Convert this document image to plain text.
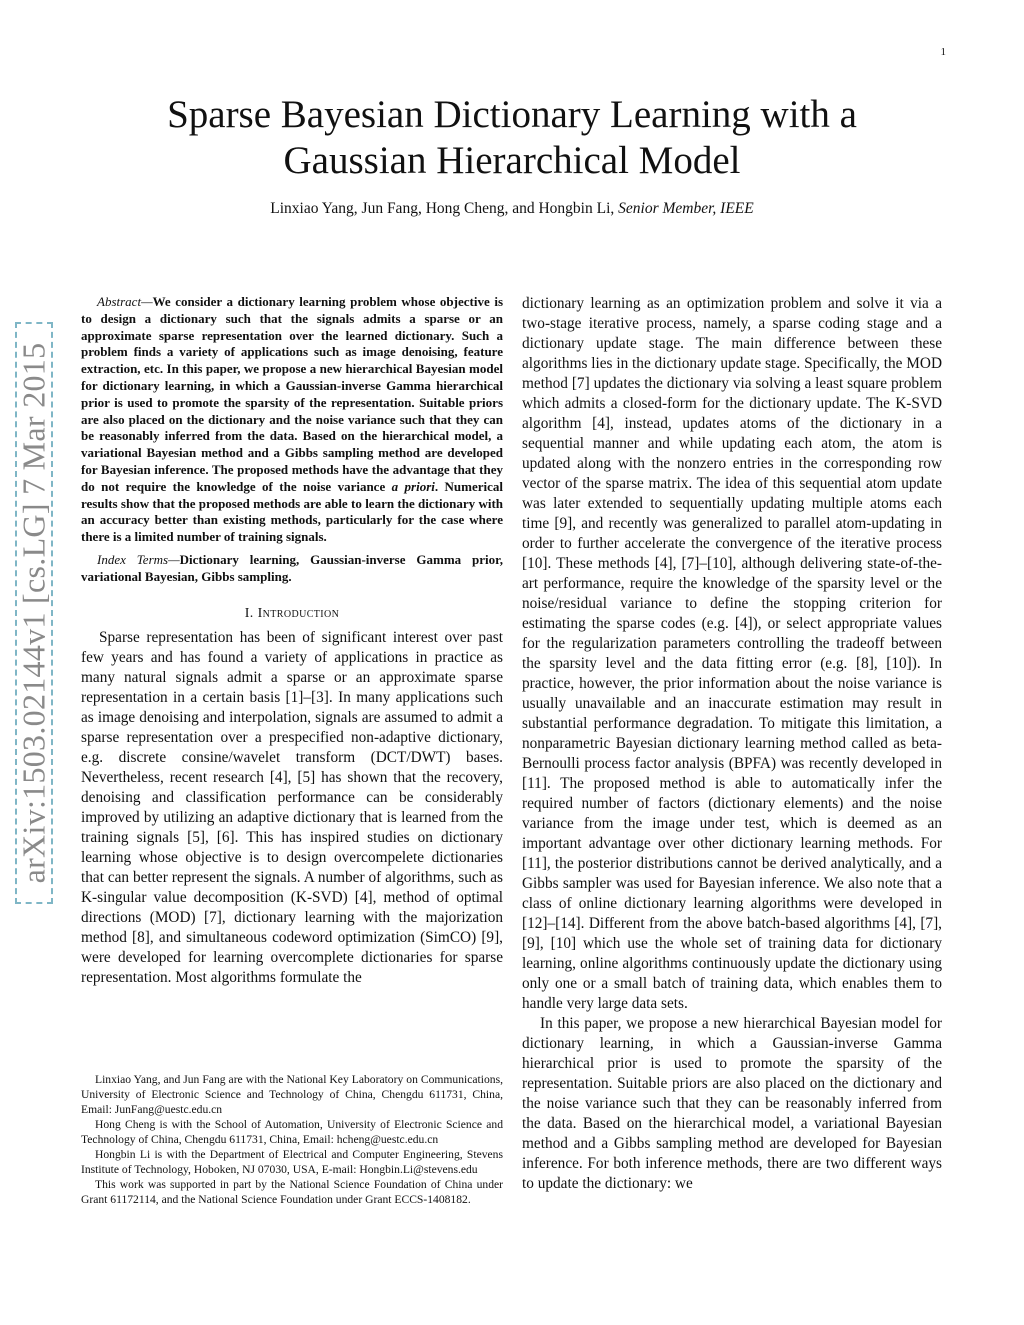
1
arXiv:1503.02144v1 [cs.LG] 7 Mar 2015
Sparse Bayesian Dictionary Learning with a
Gaussian Hierarchical Model
Linxiao Yang, Jun Fang, Hong Cheng, and Hongbin Li, Senior Member, IEEE

Abstract—We consider a dictionary learning problem whose objective is to design a dictionary such that the signals admits a sparse or an approximate sparse representation over the learned dictionary. Such a problem finds a variety of applications such as image denoising, feature extraction, etc. In this paper, we propose a new hierarchical Bayesian model for dictionary learning, in which a Gaussian-inverse Gamma hierarchical prior is used to promote the sparsity of the representation. Suitable priors are also placed on the dictionary and the noise variance such that they can be reasonably inferred from the data. Based on the hierarchical model, a variational Bayesian method and a Gibbs sampling method are developed for Bayesian inference. The proposed methods have the advantage that they do not require the knowledge of the noise variance a priori. Numerical results show that the proposed methods are able to learn the dictionary with an accuracy better than existing methods, particularly for the case where there is a limited number of training signals.

Index Terms—Dictionary learning, Gaussian-inverse Gamma prior, variational Bayesian, Gibbs sampling.

I. Introduction

Sparse representation has been of significant interest over past few years and has found a variety of applications in practice as many natural signals admit a sparse or an approximate sparse representation in a certain basis [1]–[3]. In many applications such as image denoising and interpolation, signals are assumed to admit a sparse representation over a prespecified non-adaptive dictionary, e.g. discrete consine/wavelet transform (DCT/DWT) bases. Nevertheless, recent research [4], [5] has shown that the recovery, denoising and classification performance can be considerably improved by utilizing an adaptive dictionary that is learned from the training signals [5], [6]. This has inspired studies on dictionary learning whose objective is to design overcompelete dictionaries that can better represent the signals. A number of algorithms, such as K-singular value decomposition (K-SVD) [4], method of optimal directions (MOD) [7], dictionary learning with the majorization method [8], and simultaneous codeword optimization (SimCO) [9], were developed for learning overcomplete dictionaries for sparse representation. Most algorithms formulate the

Linxiao Yang, and Jun Fang are with the National Key Laboratory on Communications, University of Electronic Science and Technology of China, Chengdu 611731, China, Email: JunFang@uestc.edu.cn

Hong Cheng is with the School of Automation, University of Electronic Science and Technology of China, Chengdu 611731, China, Email: hcheng@uestc.edu.cn

Hongbin Li is with the Department of Electrical and Computer Engineering, Stevens Institute of Technology, Hoboken, NJ 07030, USA, E-mail: Hongbin.Li@stevens.edu

This work was supported in part by the National Science Foundation of China under Grant 61172114, and the National Science Foundation under Grant ECCS-1408182.

dictionary learning as an optimization problem and solve it via a two-stage iterative process, namely, a sparse coding stage and a dictionary update stage. The main difference between these algorithms lies in the dictionary update stage. Specifically, the MOD method [7] updates the dictionary via solving a least square problem which admits a closed-form for the dictionary update. The K-SVD algorithm [4], instead, updates atoms of the dictionary in a sequential manner and while updating each atom, the atom is updated along with the nonzero entries in the corresponding row vector of the sparse matrix. The idea of this sequential atom update was later extended to sequentially updating multiple atoms each time [9], and recently was generalized to parallel atom-updating in order to further accelerate the convergence of the iterative process [10]. These methods [4], [7]–[10], although delivering state-of-the-art performance, require the knowledge of the sparsity level or the noise/residual variance to define the stopping criterion for estimating the sparse codes (e.g. [4]), or select appropriate values for the regularization parameters controlling the tradeoff between the sparsity level and the data fitting error (e.g. [8], [10]). In practice, however, the prior information about the noise variance is usually unavailable and an inaccurate estimation may result in substantial performance degradation. To mitigate this limitation, a nonparametric Bayesian dictionary learning method called as beta-Bernoulli process factor analysis (BPFA) was recently developed in [11]. The proposed method is able to automatically infer the required number of factors (dictionary elements) and the noise variance from the image under test, which is deemed as an important advantage over other dictionary learning methods. For [11], the posterior distributions cannot be derived analytically, and a Gibbs sampler was used for Bayesian inference. We also note that a class of online dictionary learning algorithms were developed in [12]–[14]. Different from the above batch-based algorithms [4], [7], [9], [10] which use the whole set of training data for dictionary learning, online algorithms continuously update the dictionary using only one or a small batch of training data, which enables them to handle very large data sets.

In this paper, we propose a new hierarchical Bayesian model for dictionary learning, in which a Gaussian-inverse Gamma hierarchical prior is used to promote the sparsity of the representation. Suitable priors are also placed on the dictionary and the noise variance such that they can be reasonably inferred from the data. Based on the hierarchical model, a variational Bayesian method and a Gibbs sampling method are developed for Bayesian inference. For both inference methods, there are two different ways to update the dictionary: we
